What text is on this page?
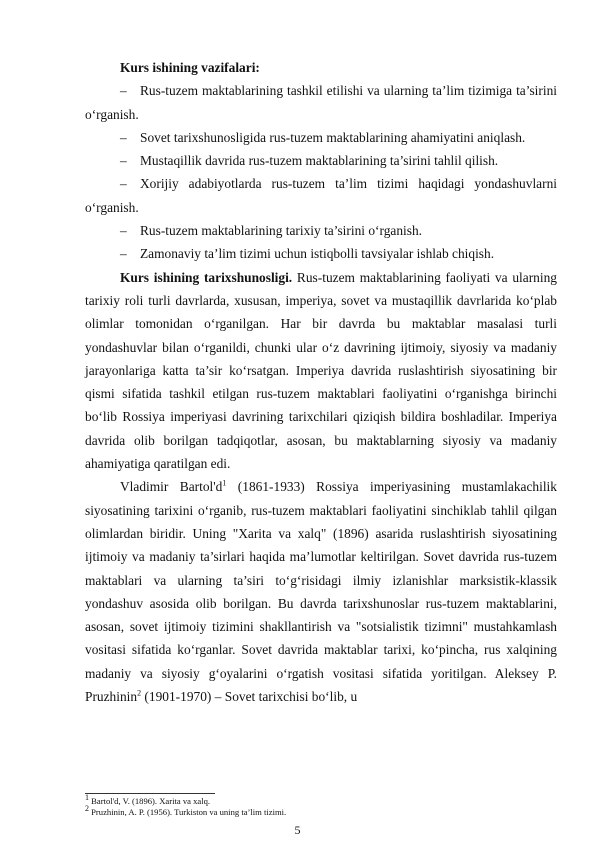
Kurs ishining vazifalari:

– Rus-tuzem maktablarining tashkil etilishi va ularning ta’lim tizimiga ta’sirini o‘rganish.

– Sovet tarixshunosligida rus-tuzem maktablarining ahamiyatini aniqlash.

– Mustaqillik davrida rus-tuzem maktablarining ta’sirini tahlil qilish.

– Xorijiy adabiyotlarda rus-tuzem ta’lim tizimi haqidagi yondashuvlarni o‘rganish.

– Rus-tuzem maktablarining tarixiy ta’sirini o‘rganish.

– Zamonaviy ta’lim tizimi uchun istiqbolli tavsiyalar ishlab chiqish.

Kurs ishining tarixshunosligi. Rus-tuzem maktablarining faoliyati va ularning tarixiy roli turli davrlarda, xususan, imperiya, sovet va mustaqillik davrlarida ko‘plab olimlar tomonidan o‘rganilgan. Har bir davrda bu maktablar masalasi turli yondashuvlar bilan o‘rganildi, chunki ular o‘z davrining ijtimoiy, siyosiy va madaniy jarayonlariga katta ta’sir ko‘rsatgan. Imperiya davrida ruslashtirish siyosatining bir qismi sifatida tashkil etilgan rus-tuzem maktablari faoliyatini o‘rganishga birinchi bo‘lib Rossiya imperiyasi davrining tarixchilari qiziqish bildira boshladilar. Imperiya davrida olib borilgan tadqiqotlar, asosan, bu maktablarning siyosiy va madaniy ahamiyatiga qaratilgan edi.

Vladimir $Bartol'd^1$ (1861-1933) Rossiya imperiyasining mustamlakachilik siyosatining tarixini o‘rganib, rus-tuzem maktablari faoliyatini sinchiklab tahlil qilgan olimlardan biridir. Uning "Xarita va xalq" (1896) asarida ruslashtirish siyosatining ijtimoiy va madaniy ta’sirlari haqida ma’lumotlar keltirilgan. Sovet davrida rus-tuzem maktablari va ularning ta’siri to‘g‘risidagi ilmiy izlanishlar marksistik-klassik yondashuv asosida olib borilgan. Bu davrda tarixshunoslar rus-tuzem maktablarini, asosan, sovet ijtimoiy tizimini shakllantirish va "sotsialistik tizimni" mustahkamlash vositasi sifatida ko‘rganlar. Sovet davrida maktablar tarixi, ko‘pincha, rus xalqining madaniy va siyosiy g‘oyalarini o‘rgatish vositasi sifatida yoritilgan. Aleksey P. Pruzhinin$^2$ (1901-1970) – Sovet tarixchisi bo‘lib, u

$^1$ Bartol'd, V. (1896). Xarita va xalq.
$^2$ Pruzhinin, A. P. (1956). Turkiston va uning ta’lim tizimi.
5
